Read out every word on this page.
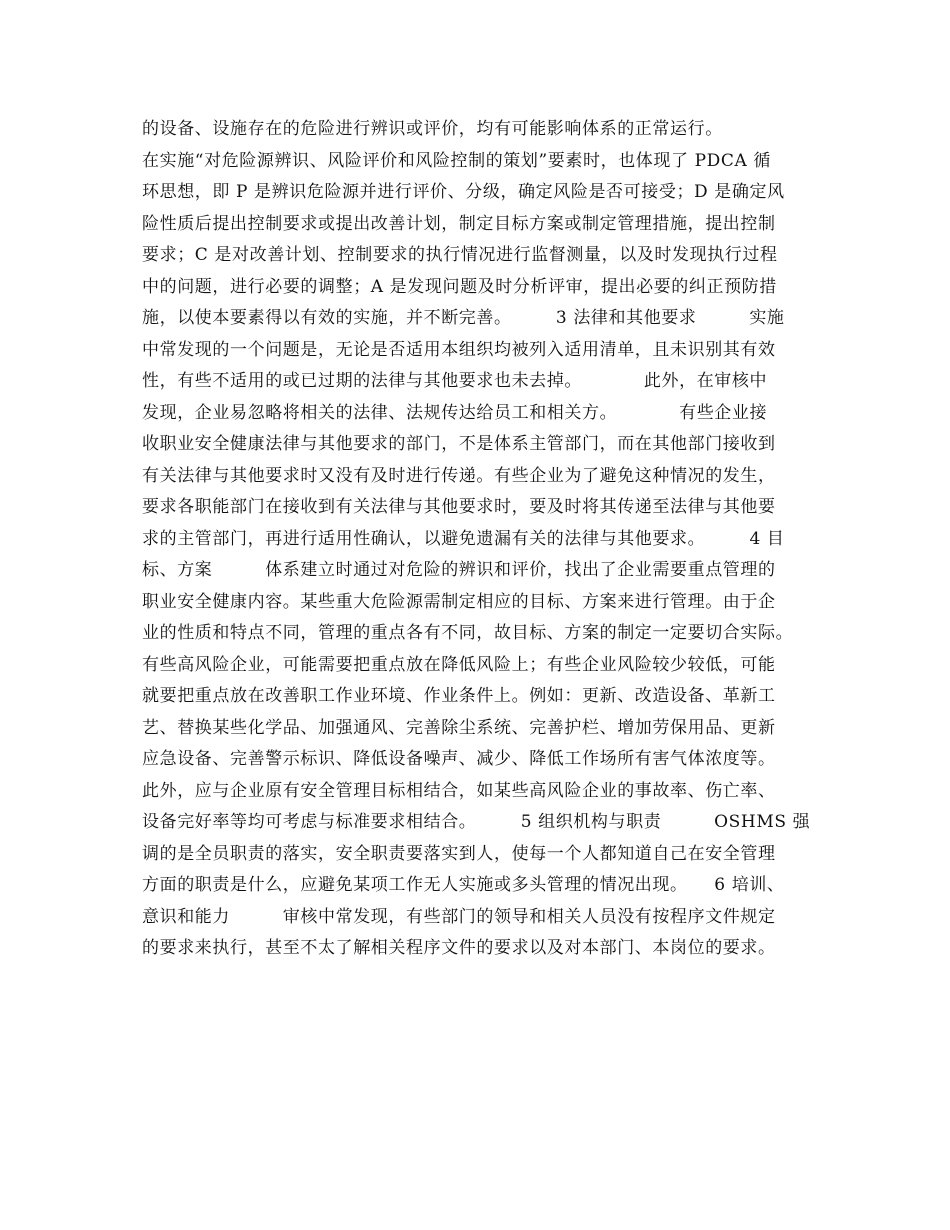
的设备、设施存在的危险进行辨识或评价，均有可能影响体系的正常运行。
在实施“对危险源辨识、风险评价和风险控制的策划”要素时，也体现了 PDCA 循
环思想，即 P 是辨识危险源并进行评价、分级，确定风险是否可接受；D 是确定风
险性质后提出控制要求或提出改善计划，制定目标方案或制定管理措施，提出控制
要求；C 是对改善计划、控制要求的执行情况进行监督测量，以及时发现执行过程
中的问题，进行必要的调整；A 是发现问题及时分析评审，提出必要的纠正预防措
施，以使本要素得以有效的实施，并不断完善。　　　3 法律和其他要求　　　实施
中常发现的一个问题是，无论是否适用本组织均被列入适用清单，且未识别其有效
性，有些不适用的或已过期的法律与其他要求也未去掉。　　　　此外，在审核中
发现，企业易忽略将相关的法律、法规传达给员工和相关方。　　　　有些企业接
收职业安全健康法律与其他要求的部门，不是体系主管部门，而在其他部门接收到
有关法律与其他要求时又没有及时进行传递。有些企业为了避免这种情况的发生，
要求各职能部门在接收到有关法律与其他要求时，要及时将其传递至法律与其他要
求的主管部门，再进行适用性确认，以避免遗漏有关的法律与其他要求。　　　4 目
标、方案　　　体系建立时通过对危险的辨识和评价，找出了企业需要重点管理的
职业安全健康内容。某些重大危险源需制定相应的目标、方案来进行管理。由于企
业的性质和特点不同，管理的重点各有不同，故目标、方案的制定一定要切合实际。
有些高风险企业，可能需要把重点放在降低风险上；有些企业风险较少较低，可能
就要把重点放在改善职工作业环境、作业条件上。例如：更新、改造设备、革新工
艺、替换某些化学品、加强通风、完善除尘系统、完善护栏、增加劳保用品、更新
应急设备、完善警示标识、降低设备噪声、减少、降低工作场所有害气体浓度等。
此外，应与企业原有安全管理目标相结合，如某些高风险企业的事故率、伤亡率、
设备完好率等均可考虑与标准要求相结合。　　　5 组织机构与职责　　　OSHMS 强
调的是全员职责的落实，安全职责要落实到人，使每一个人都知道自己在安全管理
方面的职责是什么，应避免某项工作无人实施或多头管理的情况出现。　　6 培训、
意识和能力　　　审核中常发现，有些部门的领导和相关人员没有按程序文件规定
的要求来执行，甚至不太了解相关程序文件的要求以及对本部门、本岗位的要求。
